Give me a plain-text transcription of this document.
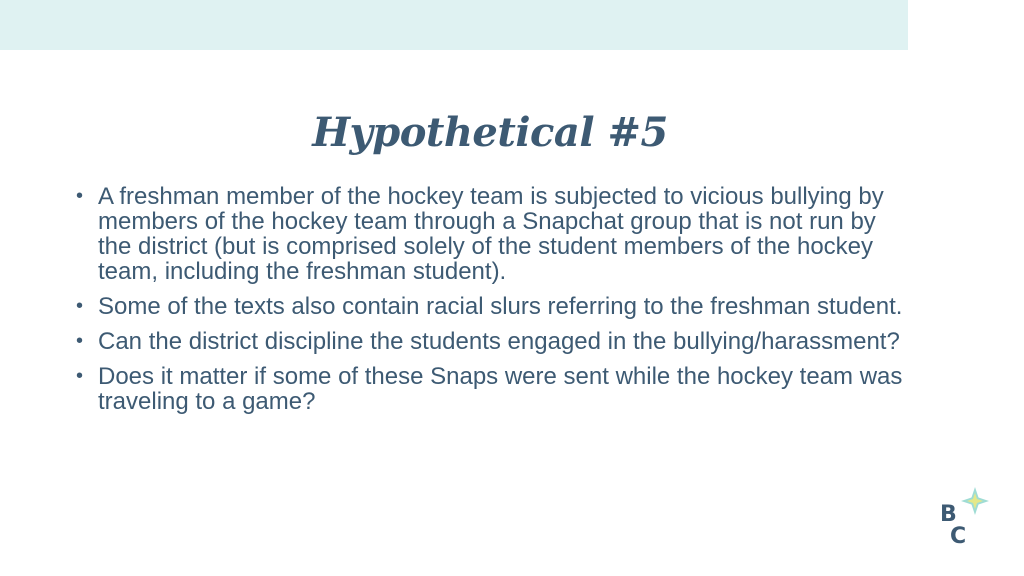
Hypothetical #5
• A freshman member of the hockey team is subjected to vicious bullying by members of the hockey team through a Snapchat group that is not run by the district (but is comprised solely of the student members of the hockey team, including the freshman student).
• Some of the texts also contain racial slurs referring to the freshman student.
• Can the district discipline the students engaged in the bullying/harassment?
• Does it matter if some of these Snaps were sent while the hockey team was traveling to a game?
B
C
